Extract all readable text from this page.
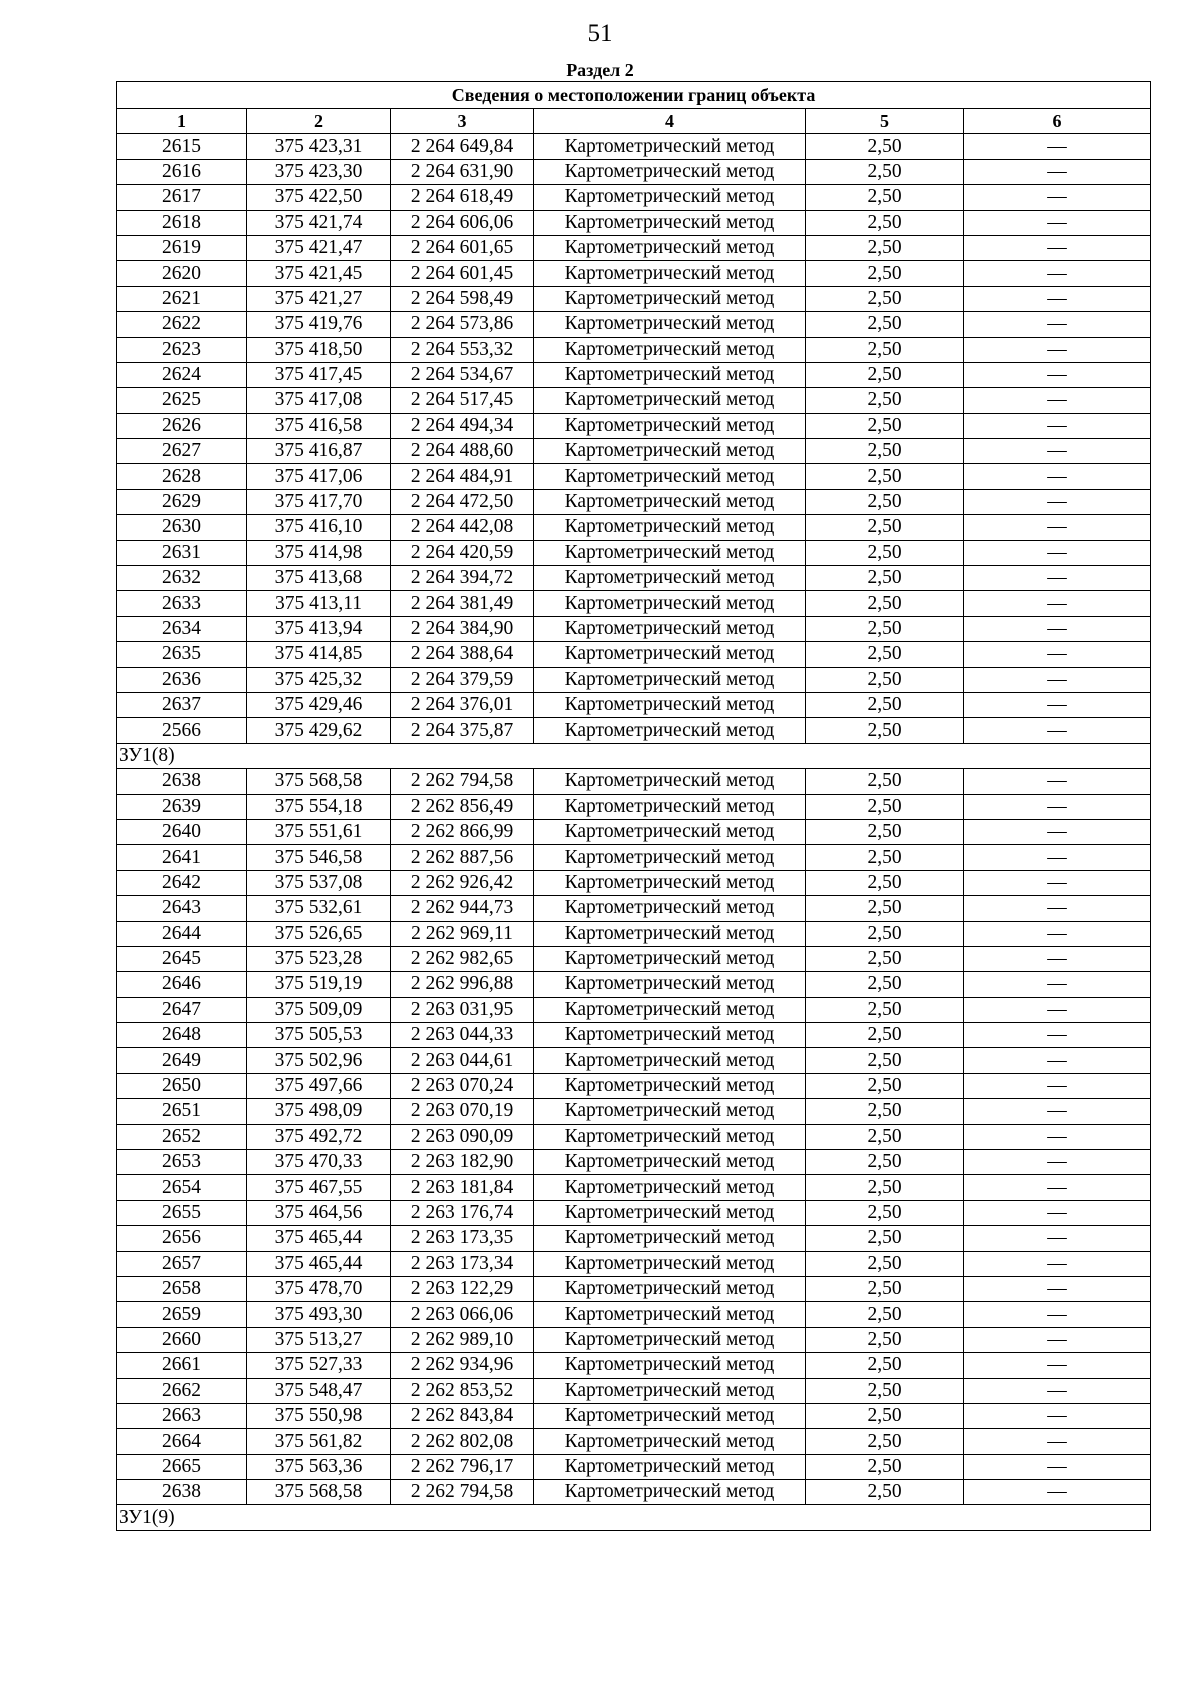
51
Раздел 2
Сведения о местоположении границ объекта					
1	2	3	4	5	6
2615	375 423,31	2 264 649,84	Картометрический метод	2,50	—
2616	375 423,30	2 264 631,90	Картометрический метод	2,50	—
2617	375 422,50	2 264 618,49	Картометрический метод	2,50	—
2618	375 421,74	2 264 606,06	Картометрический метод	2,50	—
2619	375 421,47	2 264 601,65	Картометрический метод	2,50	—
2620	375 421,45	2 264 601,45	Картометрический метод	2,50	—
2621	375 421,27	2 264 598,49	Картометрический метод	2,50	—
2622	375 419,76	2 264 573,86	Картометрический метод	2,50	—
2623	375 418,50	2 264 553,32	Картометрический метод	2,50	—
2624	375 417,45	2 264 534,67	Картометрический метод	2,50	—
2625	375 417,08	2 264 517,45	Картометрический метод	2,50	—
2626	375 416,58	2 264 494,34	Картометрический метод	2,50	—
2627	375 416,87	2 264 488,60	Картометрический метод	2,50	—
2628	375 417,06	2 264 484,91	Картометрический метод	2,50	—
2629	375 417,70	2 264 472,50	Картометрический метод	2,50	—
2630	375 416,10	2 264 442,08	Картометрический метод	2,50	—
2631	375 414,98	2 264 420,59	Картометрический метод	2,50	—
2632	375 413,68	2 264 394,72	Картометрический метод	2,50	—
2633	375 413,11	2 264 381,49	Картометрический метод	2,50	—
2634	375 413,94	2 264 384,90	Картометрический метод	2,50	—
2635	375 414,85	2 264 388,64	Картометрический метод	2,50	—
2636	375 425,32	2 264 379,59	Картометрический метод	2,50	—
2637	375 429,46	2 264 376,01	Картометрический метод	2,50	—
2566	375 429,62	2 264 375,87	Картометрический метод	2,50	—
ЗУ1(8)					
2638	375 568,58	2 262 794,58	Картометрический метод	2,50	—
2639	375 554,18	2 262 856,49	Картометрический метод	2,50	—
2640	375 551,61	2 262 866,99	Картометрический метод	2,50	—
2641	375 546,58	2 262 887,56	Картометрический метод	2,50	—
2642	375 537,08	2 262 926,42	Картометрический метод	2,50	—
2643	375 532,61	2 262 944,73	Картометрический метод	2,50	—
2644	375 526,65	2 262 969,11	Картометрический метод	2,50	—
2645	375 523,28	2 262 982,65	Картометрический метод	2,50	—
2646	375 519,19	2 262 996,88	Картометрический метод	2,50	—
2647	375 509,09	2 263 031,95	Картометрический метод	2,50	—
2648	375 505,53	2 263 044,33	Картометрический метод	2,50	—
2649	375 502,96	2 263 044,61	Картометрический метод	2,50	—
2650	375 497,66	2 263 070,24	Картометрический метод	2,50	—
2651	375 498,09	2 263 070,19	Картометрический метод	2,50	—
2652	375 492,72	2 263 090,09	Картометрический метод	2,50	—
2653	375 470,33	2 263 182,90	Картометрический метод	2,50	—
2654	375 467,55	2 263 181,84	Картометрический метод	2,50	—
2655	375 464,56	2 263 176,74	Картометрический метод	2,50	—
2656	375 465,44	2 263 173,35	Картометрический метод	2,50	—
2657	375 465,44	2 263 173,34	Картометрический метод	2,50	—
2658	375 478,70	2 263 122,29	Картометрический метод	2,50	—
2659	375 493,30	2 263 066,06	Картометрический метод	2,50	—
2660	375 513,27	2 262 989,10	Картометрический метод	2,50	—
2661	375 527,33	2 262 934,96	Картометрический метод	2,50	—
2662	375 548,47	2 262 853,52	Картометрический метод	2,50	—
2663	375 550,98	2 262 843,84	Картометрический метод	2,50	—
2664	375 561,82	2 262 802,08	Картометрический метод	2,50	—
2665	375 563,36	2 262 796,17	Картометрический метод	2,50	—
2638	375 568,58	2 262 794,58	Картометрический метод	2,50	—
ЗУ1(9)					
